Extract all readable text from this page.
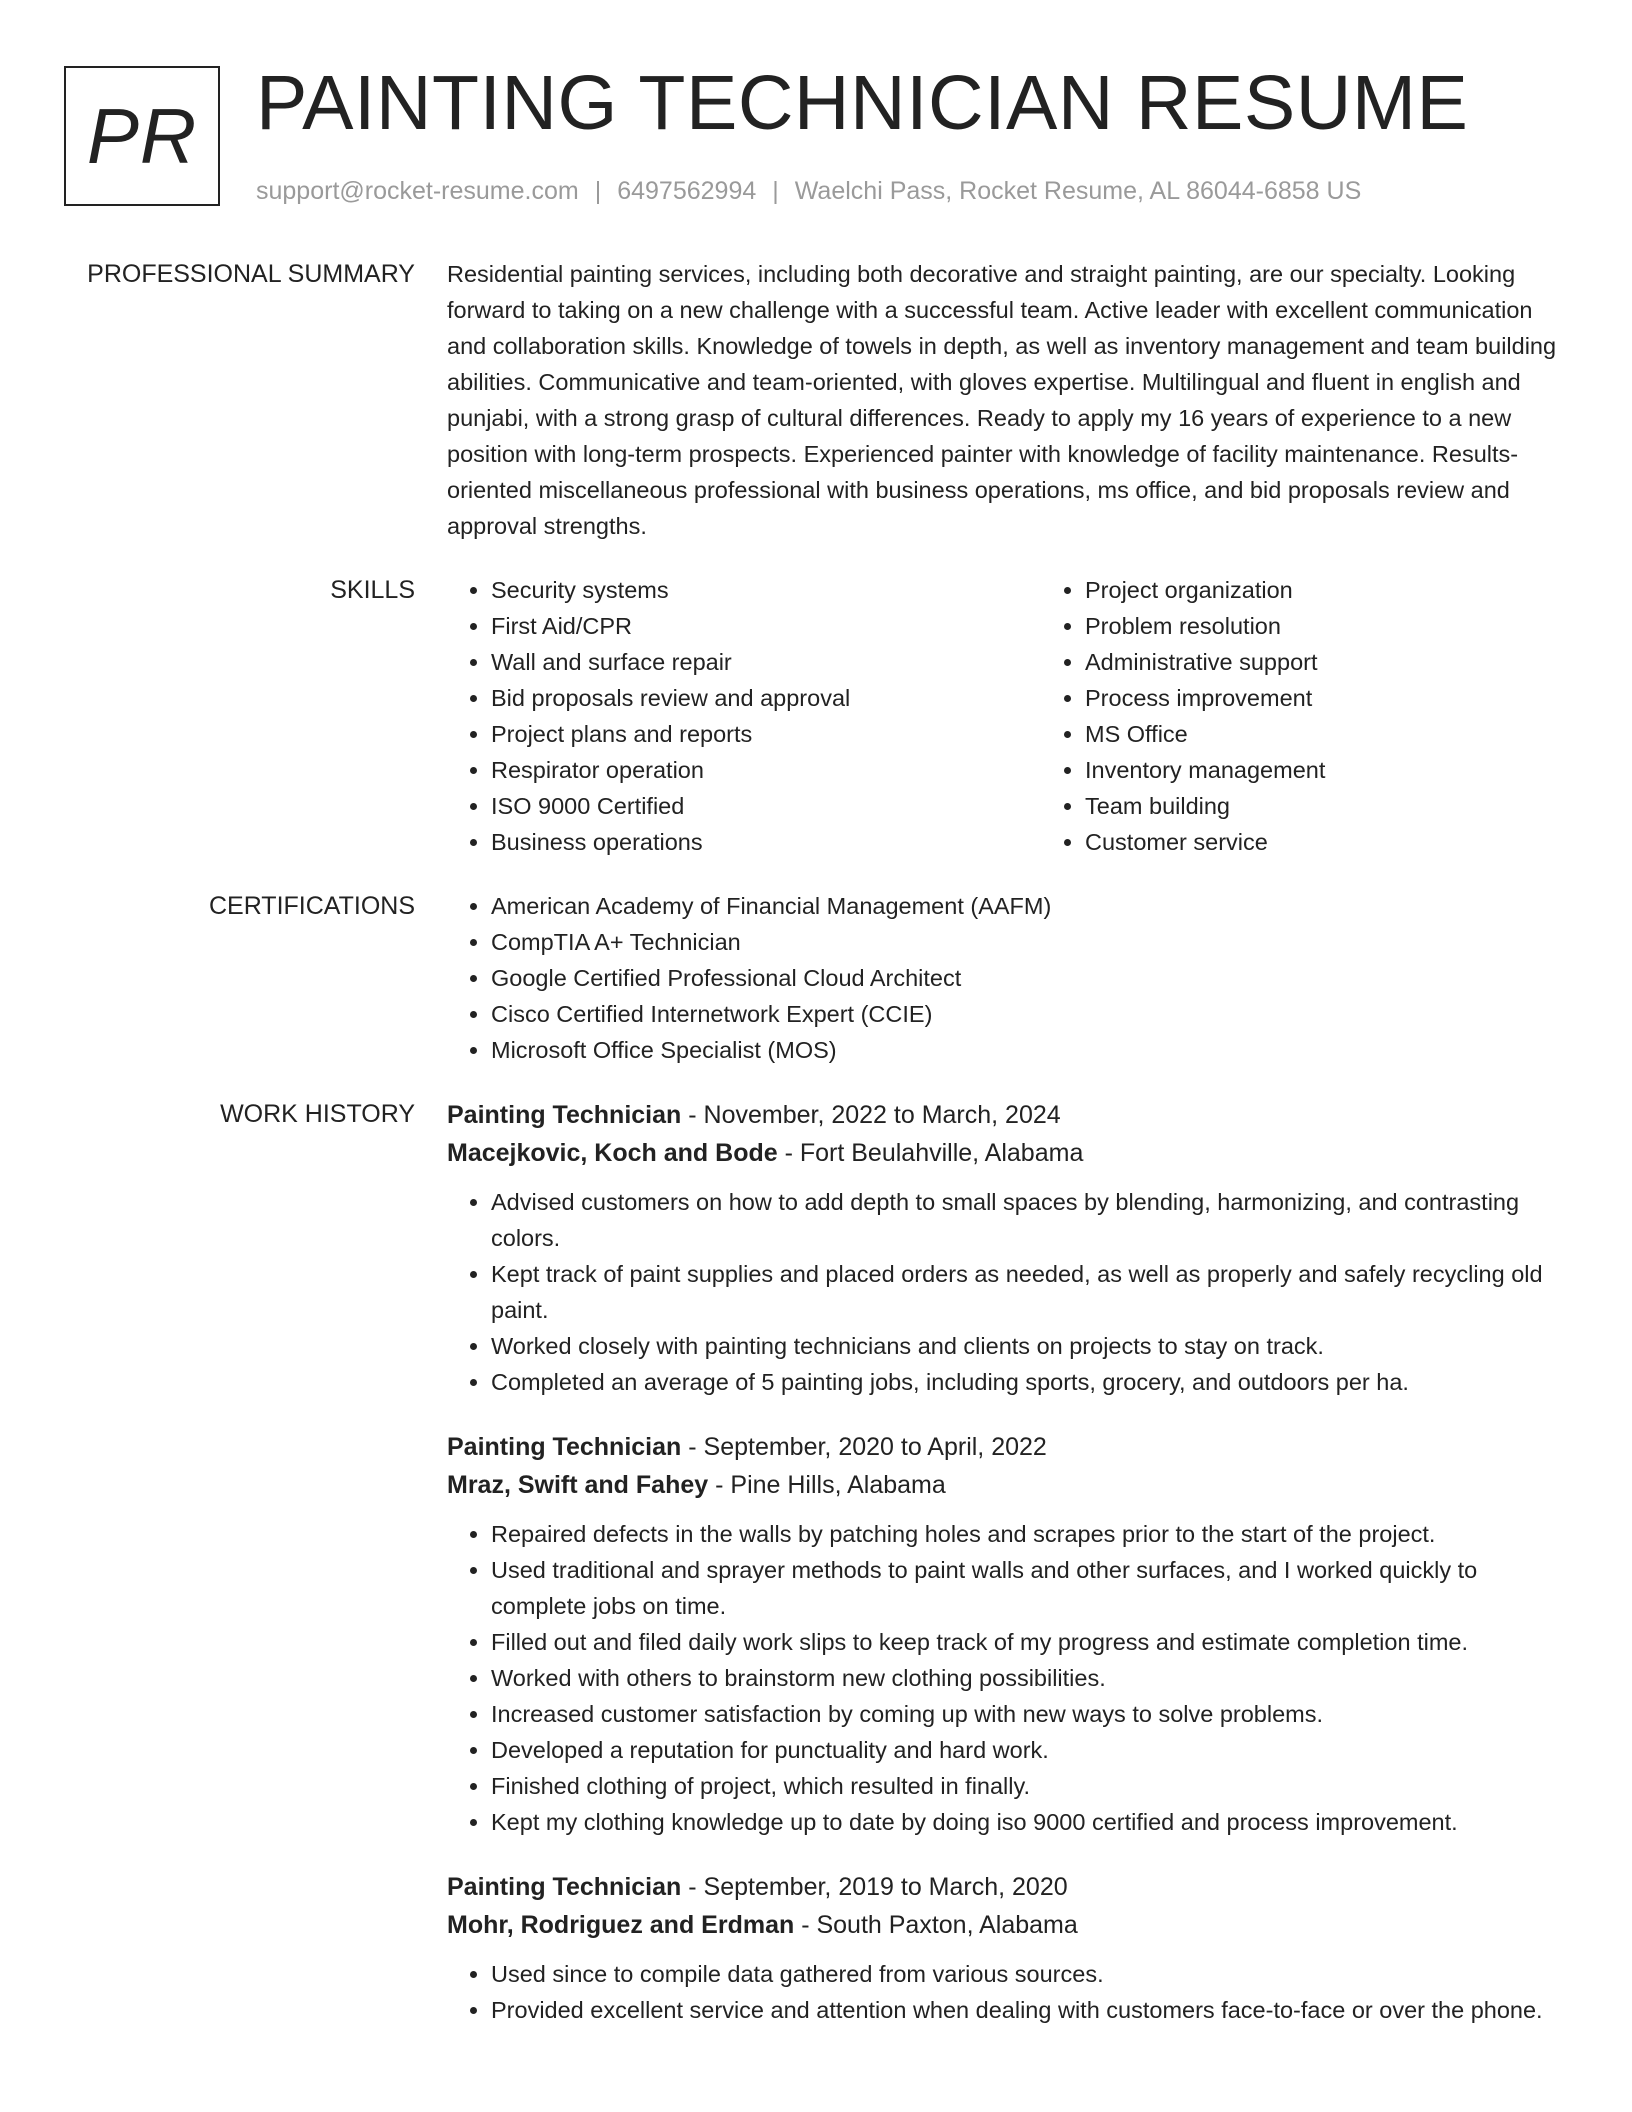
PR PAINTING TECHNICIAN RESUME
support@rocket-resume.com | 6497562994 | Waelchi Pass, Rocket Resume, AL 86044-6858 US
PROFESSIONAL SUMMARY Residential painting services, including both decorative and straight painting, are our specialty. Looking forward to taking on a new challenge with a successful team. Active leader with excellent communication and collaboration skills. Knowledge of towels in depth, as well as inventory management and team building abilities. Communicative and team-oriented, with gloves expertise. Multilingual and fluent in english and punjabi, with a strong grasp of cultural differences. Ready to apply my 16 years of experience to a new position with long-term prospects. Experienced painter with knowledge of facility maintenance. Results-oriented miscellaneous professional with business operations, ms office, and bid proposals review and approval strengths.

SKILLS	• Security systems
• First Aid/CPR
• Wall and surface repair
• Bid proposals review and approval
• Project plans and reports
• Respirator operation
• ISO 9000 Certified
• Business operations
• Project organization
• Problem resolution
• Administrative support
• Process improvement
• MS Office
• Inventory management
• Team building
• Customer service
CERTIFICATIONS	• American Academy of Financial Management (AAFM)
• CompTIA A+ Technician
• Google Certified Professional Cloud Architect
• Cisco Certified Internetwork Expert (CCIE)
• Microsoft Office Specialist (MOS)
WORK HISTORY Painting Technician - November, 2022 to March, 2024
Macejkovic, Koch and Bode - Fort Beulahville, Alabama
• Advised customers on how to add depth to small spaces by blending, harmonizing, and contrasting colors.
• Kept track of paint supplies and placed orders as needed, as well as properly and safely recycling old paint.
• Worked closely with painting technicians and clients on projects to stay on track.
• Completed an average of 5 painting jobs, including sports, grocery, and outdoors per ha.
Painting Technician - September, 2020 to April, 2022
Mraz, Swift and Fahey - Pine Hills, Alabama
• Repaired defects in the walls by patching holes and scrapes prior to the start of the project.
• Used traditional and sprayer methods to paint walls and other surfaces, and I worked quickly to complete jobs on time.
• Filled out and filed daily work slips to keep track of my progress and estimate completion time.
• Worked with others to brainstorm new clothing possibilities.
• Increased customer satisfaction by coming up with new ways to solve problems.
• Developed a reputation for punctuality and hard work.
• Finished clothing of project, which resulted in finally.
• Kept my clothing knowledge up to date by doing iso 9000 certified and process improvement.
Painting Technician - September, 2019 to March, 2020
Mohr, Rodriguez and Erdman - South Paxton, Alabama
• Used since to compile data gathered from various sources.
• Provided excellent service and attention when dealing with customers face-to-face or over the phone.
